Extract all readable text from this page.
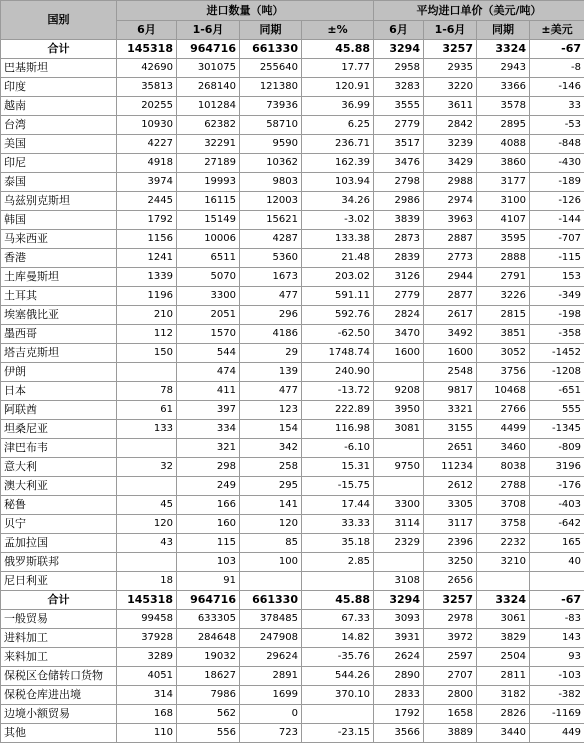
国别	进口数量（吨）				平均进口单价（美元/吨）			
	6月	1-6月	同期	±%	6月	1-6月	同期	±美元
合计	145318	964716	661330	45.88	3294	3257	3324	-67
巴基斯坦	42690	301075	255640	17.77	2958	2935	2943	-8
印度	35813	268140	121380	120.91	3283	3220	3366	-146
越南	20255	101284	73936	36.99	3555	3611	3578	33
台湾	10930	62382	58710	6.25	2779	2842	2895	-53
美国	4227	32291	9590	236.71	3517	3239	4088	-848
印尼	4918	27189	10362	162.39	3476	3429	3860	-430
泰国	3974	19993	9803	103.94	2798	2988	3177	-189
乌兹别克斯坦	2445	16115	12003	34.26	2986	2974	3100	-126
韩国	1792	15149	15621	-3.02	3839	3963	4107	-144
马来西亚	1156	10006	4287	133.38	2873	2887	3595	-707
香港	1241	6511	5360	21.48	2839	2773	2888	-115
土库曼斯坦	1339	5070	1673	203.02	3126	2944	2791	153
土耳其	1196	3300	477	591.11	2779	2877	3226	-349
埃塞俄比亚	210	2051	296	592.76	2824	2617	2815	-198
墨西哥	112	1570	4186	-62.50	3470	3492	3851	-358
塔吉克斯坦	150	544	29	1748.74	1600	1600	3052	-1452
伊朗		474	139	240.90		2548	3756	-1208
日本	78	411	477	-13.72	9208	9817	10468	-651
阿联酋	61	397	123	222.89	3950	3321	2766	555
坦桑尼亚	133	334	154	116.98	3081	3155	4499	-1345
津巴布韦		321	342	-6.10		2651	3460	-809
意大利	32	298	258	15.31	9750	11234	8038	3196
澳大利亚		249	295	-15.75		2612	2788	-176
秘鲁	45	166	141	17.44	3300	3305	3708	-403
贝宁	120	160	120	33.33	3114	3117	3758	-642
孟加拉国	43	115	85	35.18	2329	2396	2232	165
俄罗斯联邦		103	100	2.85		3250	3210	40
尼日利亚	18	91			3108	2656		
合计	145318	964716	661330	45.88	3294	3257	3324	-67
一般贸易	99458	633305	378485	67.33	3093	2978	3061	-83
进料加工	37928	284648	247908	14.82	3931	3972	3829	143
来料加工	3289	19032	29624	-35.76	2624	2597	2504	93
保税区仓储转口货物	4051	18627	2891	544.26	2890	2707	2811	-103
保税仓库进出境	314	7986	1699	370.10	2833	2800	3182	-382
边境小额贸易	168	562	0		1792	1658	2826	-1169
其他	110	556	723	-23.15	3566	3889	3440	449
